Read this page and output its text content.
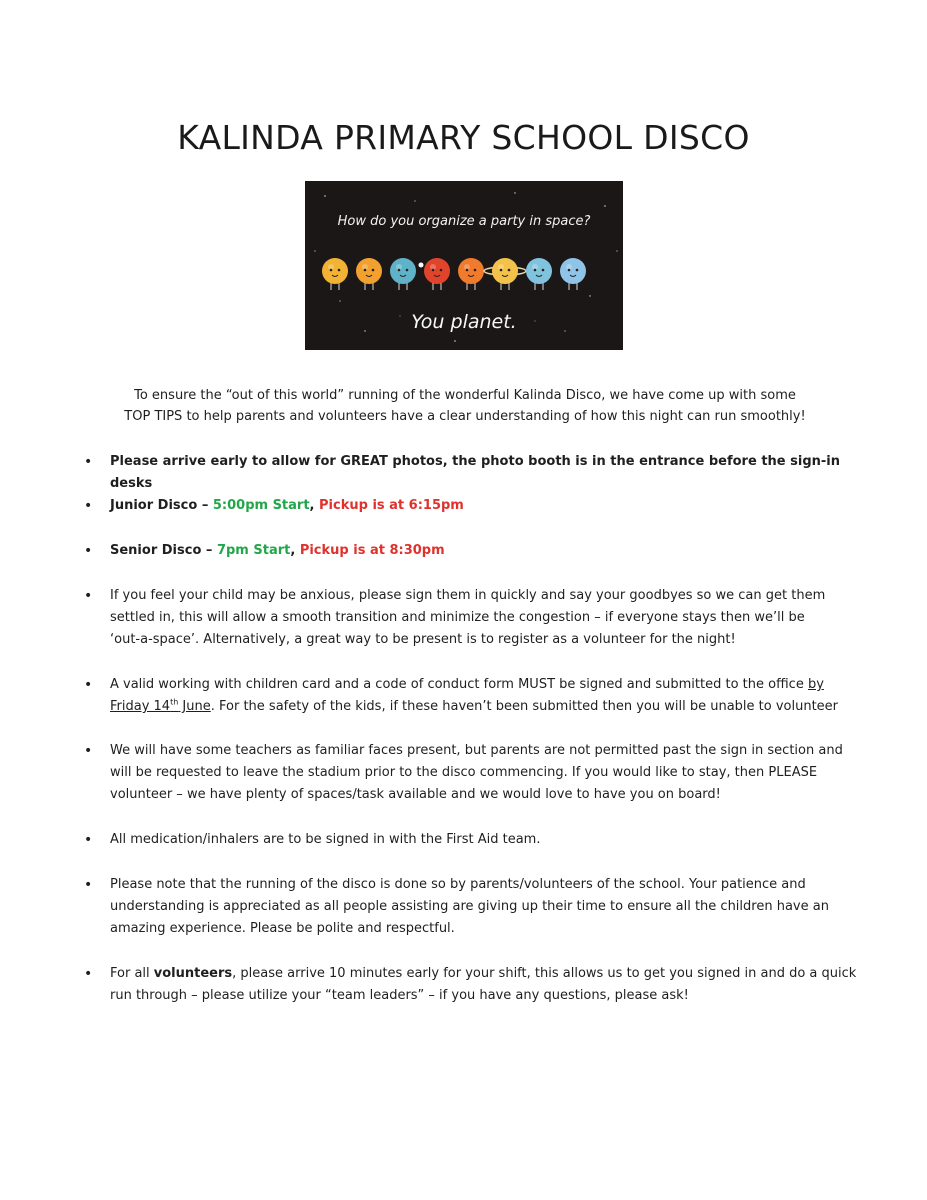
KALINDA PRIMARY SCHOOL DISCO
How do you organize a party in space?
You planet.

To ensure the “out of this world” running of the wonderful Kalinda Disco, we have come up with some
TOP TIPS to help parents and volunteers have a clear understanding of how this night can run smoothly!

•	Please arrive early to allow for GREAT photos, the photo booth is in the entrance before the sign-in desks
•	Junior Disco – 5:00pm Start, Pickup is at 6:15pm
•	Senior Disco – 7pm Start, Pickup is at 8:30pm
•	If you feel your child may be anxious, please sign them in quickly and say your goodbyes so we can get them
settled in, this will allow a smooth transition and minimize the congestion – if everyone stays then we’ll be
‘out-a-space’. Alternatively, a great way to be present is to register as a volunteer for the night!
•	A valid working with children card and a code of conduct form MUST be signed and submitted to the office by
Friday 14th June. For the safety of the kids, if these haven’t been submitted then you will be unable to volunteer
•	We will have some teachers as familiar faces present, but parents are not permitted past the sign in section and
will be requested to leave the stadium prior to the disco commencing. If you would like to stay, then PLEASE
volunteer – we have plenty of spaces/task available and we would love to have you on board!
•	All medication/inhalers are to be signed in with the First Aid team.
•	Please note that the running of the disco is done so by parents/volunteers of the school. Your patience and
understanding is appreciated as all people assisting are giving up their time to ensure all the children have an
amazing experience. Please be polite and respectful.
•	For all volunteers, please arrive 10 minutes early for your shift, this allows us to get you signed in and do a quick
run through – please utilize your “team leaders” – if you have any questions, please ask!
